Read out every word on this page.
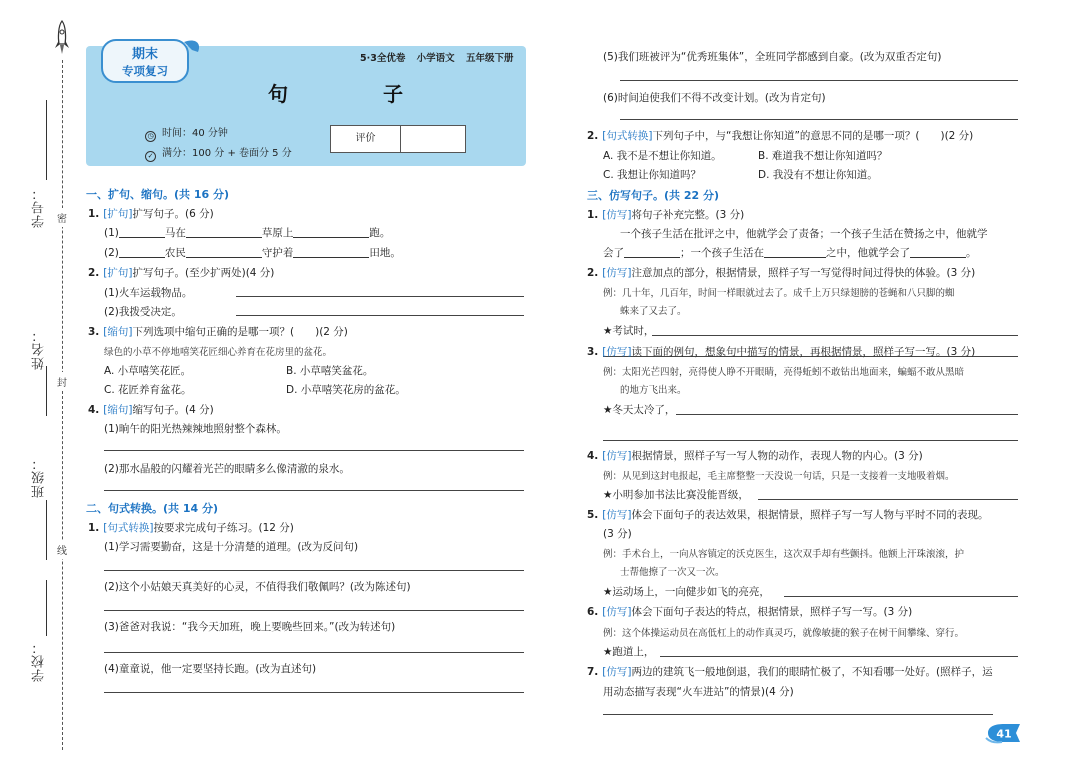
密
封
线
学号：
姓名：
班级：
学校：
期末
专项复习
5·3全优卷 小学语文 五年级下册
句 子
◷ 时间：40 分钟
✓ 满分：100 分 + 卷面分 5 分
评价
一、扩句、缩句。(共 16 分)
1. [扩句]扩写句子。(6 分)
(1)	马在	草原上	跑。
(2)	农民	守护着	田地。
2. [扩句]扩写句子。(至少扩两处)(4 分)
(1)火车运载物品。
(2)我拨受决定。
3. [缩句]下列选项中缩句正确的是哪一项？(　　)(2 分)
绿色的小草不停地嘻笑花匠细心养育在花房里的盆花。
A. 小草嘻笑花匠。	B. 小草嘻笑盆花。
C. 花匠养育盆花。	D. 小草嘻笑花房的盆花。
4. [缩句]缩写句子。(4 分)
(1)晌午的阳光热辣辣地照射整个森林。
(2)那水晶般的闪耀着光芒的眼睛多么像清澈的泉水。
二、句式转换。(共 14 分)
1. [句式转换]按要求完成句子练习。(12 分)
(1)学习需要勤奋，这是十分清楚的道理。(改为反问句)
(2)这个小姑娘天真美好的心灵，不值得我们敬佩吗？(改为陈述句)
(3)爸爸对我说：“我今天加班，晚上要晚些回来。”(改为转述句)
(4)童童说，他一定要坚持长跑。(改为直述句)
(5)我们班被评为“优秀班集体”，全班同学都感到自豪。(改为双重否定句)
(6)时间迫使我们不得不改变计划。(改为肯定句)
2. [句式转换]下列句子中，与“我想让你知道”的意思不同的是哪一项？(　　)(2 分)
A. 我不是不想让你知道。	B. 难道我不想让你知道吗？
C. 我想让你知道吗？	D. 我没有不想让你知道。
三、仿写句子。(共 22 分)
1. [仿写]将句子补充完整。(3 分)
一个孩子生活在批评之中，他就学会了责备；一个孩子生活在赞扬之中，他就学
会了	；一个孩子生活在	之中，他就学会了	。
2. [仿写]注意加点的部分，根据情景，照样子写一写觉得时间过得快的体验。(3 分)
例：几十年，几百年，时间一样眼就过去了。成千上万只绿翅膀的苍蝇和八只脚的蜘
蛛来了又去了。
★考试时，
3. [仿写]读下面的例句，想象句中描写的情景，再根据情景，照样子写一写。(3 分)
例：太阳光芒四射，亮得使人睁不开眼睛，亮得蚯蚓不敢钻出地面来，蝙蝠不敢从黑暗
的地方飞出来。
★冬天太冷了，
4. [仿写]根据情景，照样子写一写人物的动作，表现人物的内心。(3 分)
例：从见到这封电报起，毛主席整整一天没说一句话，只是一支接着一支地吸着烟。
★小明参加书法比赛没能晋级，
5. [仿写]体会下面句子的表达效果，根据情景，照样子写一写人物与平时不同的表现。
(3 分)
例：手术台上，一向从容镇定的沃克医生，这次双手却有些颤抖。他额上汗珠滚滚，护
士帮他擦了一次又一次。
★运动场上，一向健步如飞的亮亮，
6. [仿写]体会下面句子表达的特点，根据情景，照样子写一写。(3 分)
例：这个体操运动员在高低杠上的动作真灵巧，就像敏捷的猴子在树干间攀缘、穿行。
★跑道上，
7. [仿写]两边的建筑飞一般地倒退，我们的眼睛忙极了，不知看哪一处好。(照样子，运
用动态描写表现“火车进站”的情景)(4 分)
41
